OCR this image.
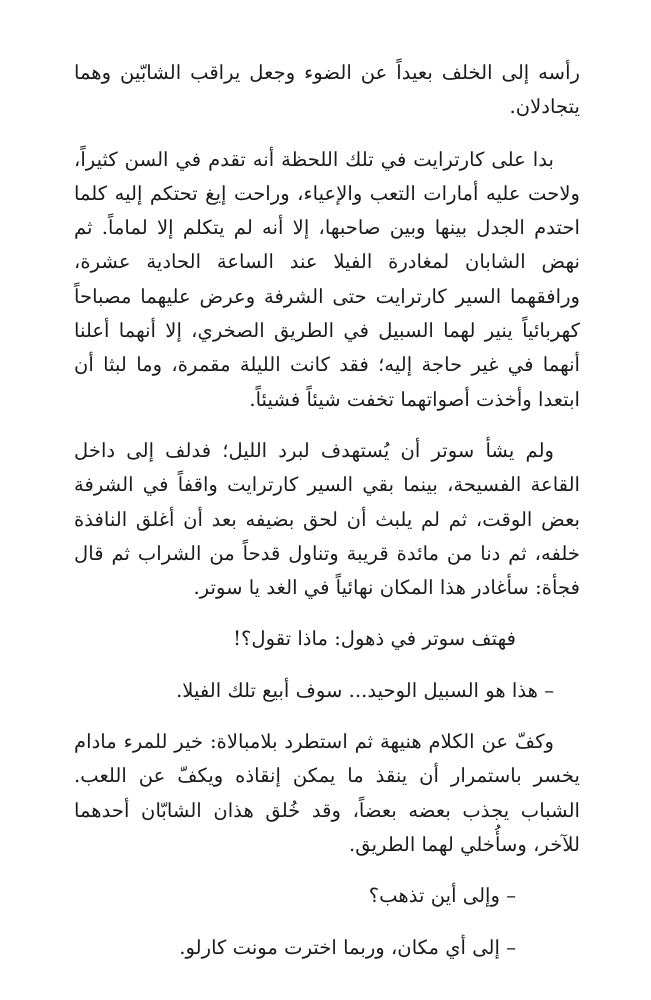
رأسه إلى الخلف بعيداً عن الضوء وجعل يراقب الشابّين وهما يتجادلان.

بدا على كارترايت في تلك اللحظة أنه تقدم في السن كثيراً، ولاحت عليه أمارات التعب والإعياء، وراحت إيغ تحتكم إليه كلما احتدم الجدل بينها وبين صاحبها، إلا أنه لم يتكلم إلا لماماً. ثم نهض الشابان لمغادرة الفيلا عند الساعة الحادية عشرة، ورافقهما السير كارترايت حتى الشرفة وعرض عليهما مصباحاً كهربائياً ينير لهما السبيل في الطريق الصخري، إلا أنهما أعلنا أنهما في غير حاجة إليه؛ فقد كانت الليلة مقمرة، وما لبثا أن ابتعدا وأخذت أصواتهما تخفت شيئاً فشيئاً.

ولم يشأ سوتر أن يُستهدف لبرد الليل؛ فدلف إلى داخل القاعة الفسيحة، بينما بقي السير كارترايت واقفاً في الشرفة بعض الوقت، ثم لم يلبث أن لحق بضيفه بعد أن أغلق النافذة خلفه، ثم دنا من مائدة قريبة وتناول قدحاً من الشراب ثم قال فجأة: سأغادر هذا المكان نهائياً في الغد يا سوتر.

فهتف سوتر في ذهول: ماذا تقول؟!

– هذا هو السبيل الوحيد... سوف أبيع تلك الفيلا.

وكفّ عن الكلام هنيهة ثم استطرد بلامبالاة: خير للمرء مادام يخسر باستمرار أن ينقذ ما يمكن إنقاذه ويكفّ عن اللعب. الشباب يجذب بعضه بعضاً، وقد خُلق هذان الشابّان أحدهما للآخر، وسأُخلي لهما الطريق.

– وإلى أين تذهب؟

– إلى أي مكان، وربما اخترت مونت كارلو.
